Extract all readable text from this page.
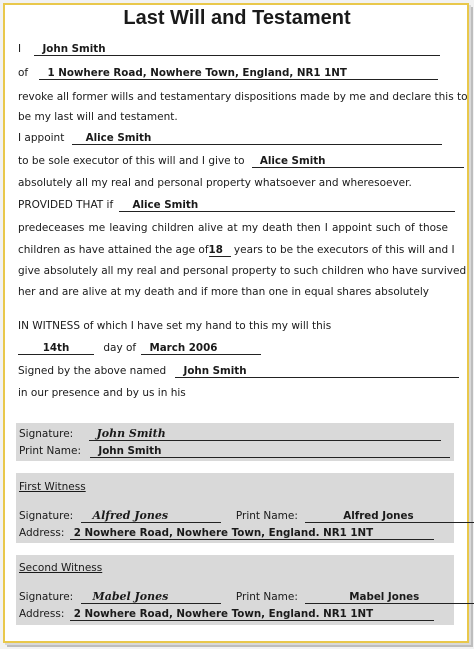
Last Will and Testament
I John Smith
of 1 Nowhere Road, Nowhere Town, England, NR1 1NT
revoke all former wills and testamentary dispositions made by me and declare this to
be my last will and testament.
I appoint Alice Smith
to be sole executor of this will and I give to Alice Smith
absolutely all my real and personal property whatsoever and wheresoever.
PROVIDED THAT if Alice Smith
predeceases me leaving children alive at my death then I appoint such of those
children as have attained the age of18 years to be the executors of this will and I
give absolutely all my real and personal property to such children who have survived
her and are alive at my death and if more than one in equal shares absolutely
IN WITNESS of which I have set my hand to this my will this
14th	day of March 2006
Signed by the above named John Smith
in our presence and by us in his
Signature: John Smith
Print Name: John Smith
First Witness
Signature: Alfred Jones	Print Name:	Alfred Jones
Address: 2 Nowhere Road, Nowhere Town, England. NR1 1NT
Second Witness
Signature: Mabel Jones	Print Name:	Mabel Jones
Address: 2 Nowhere Road, Nowhere Town, England. NR1 1NT
